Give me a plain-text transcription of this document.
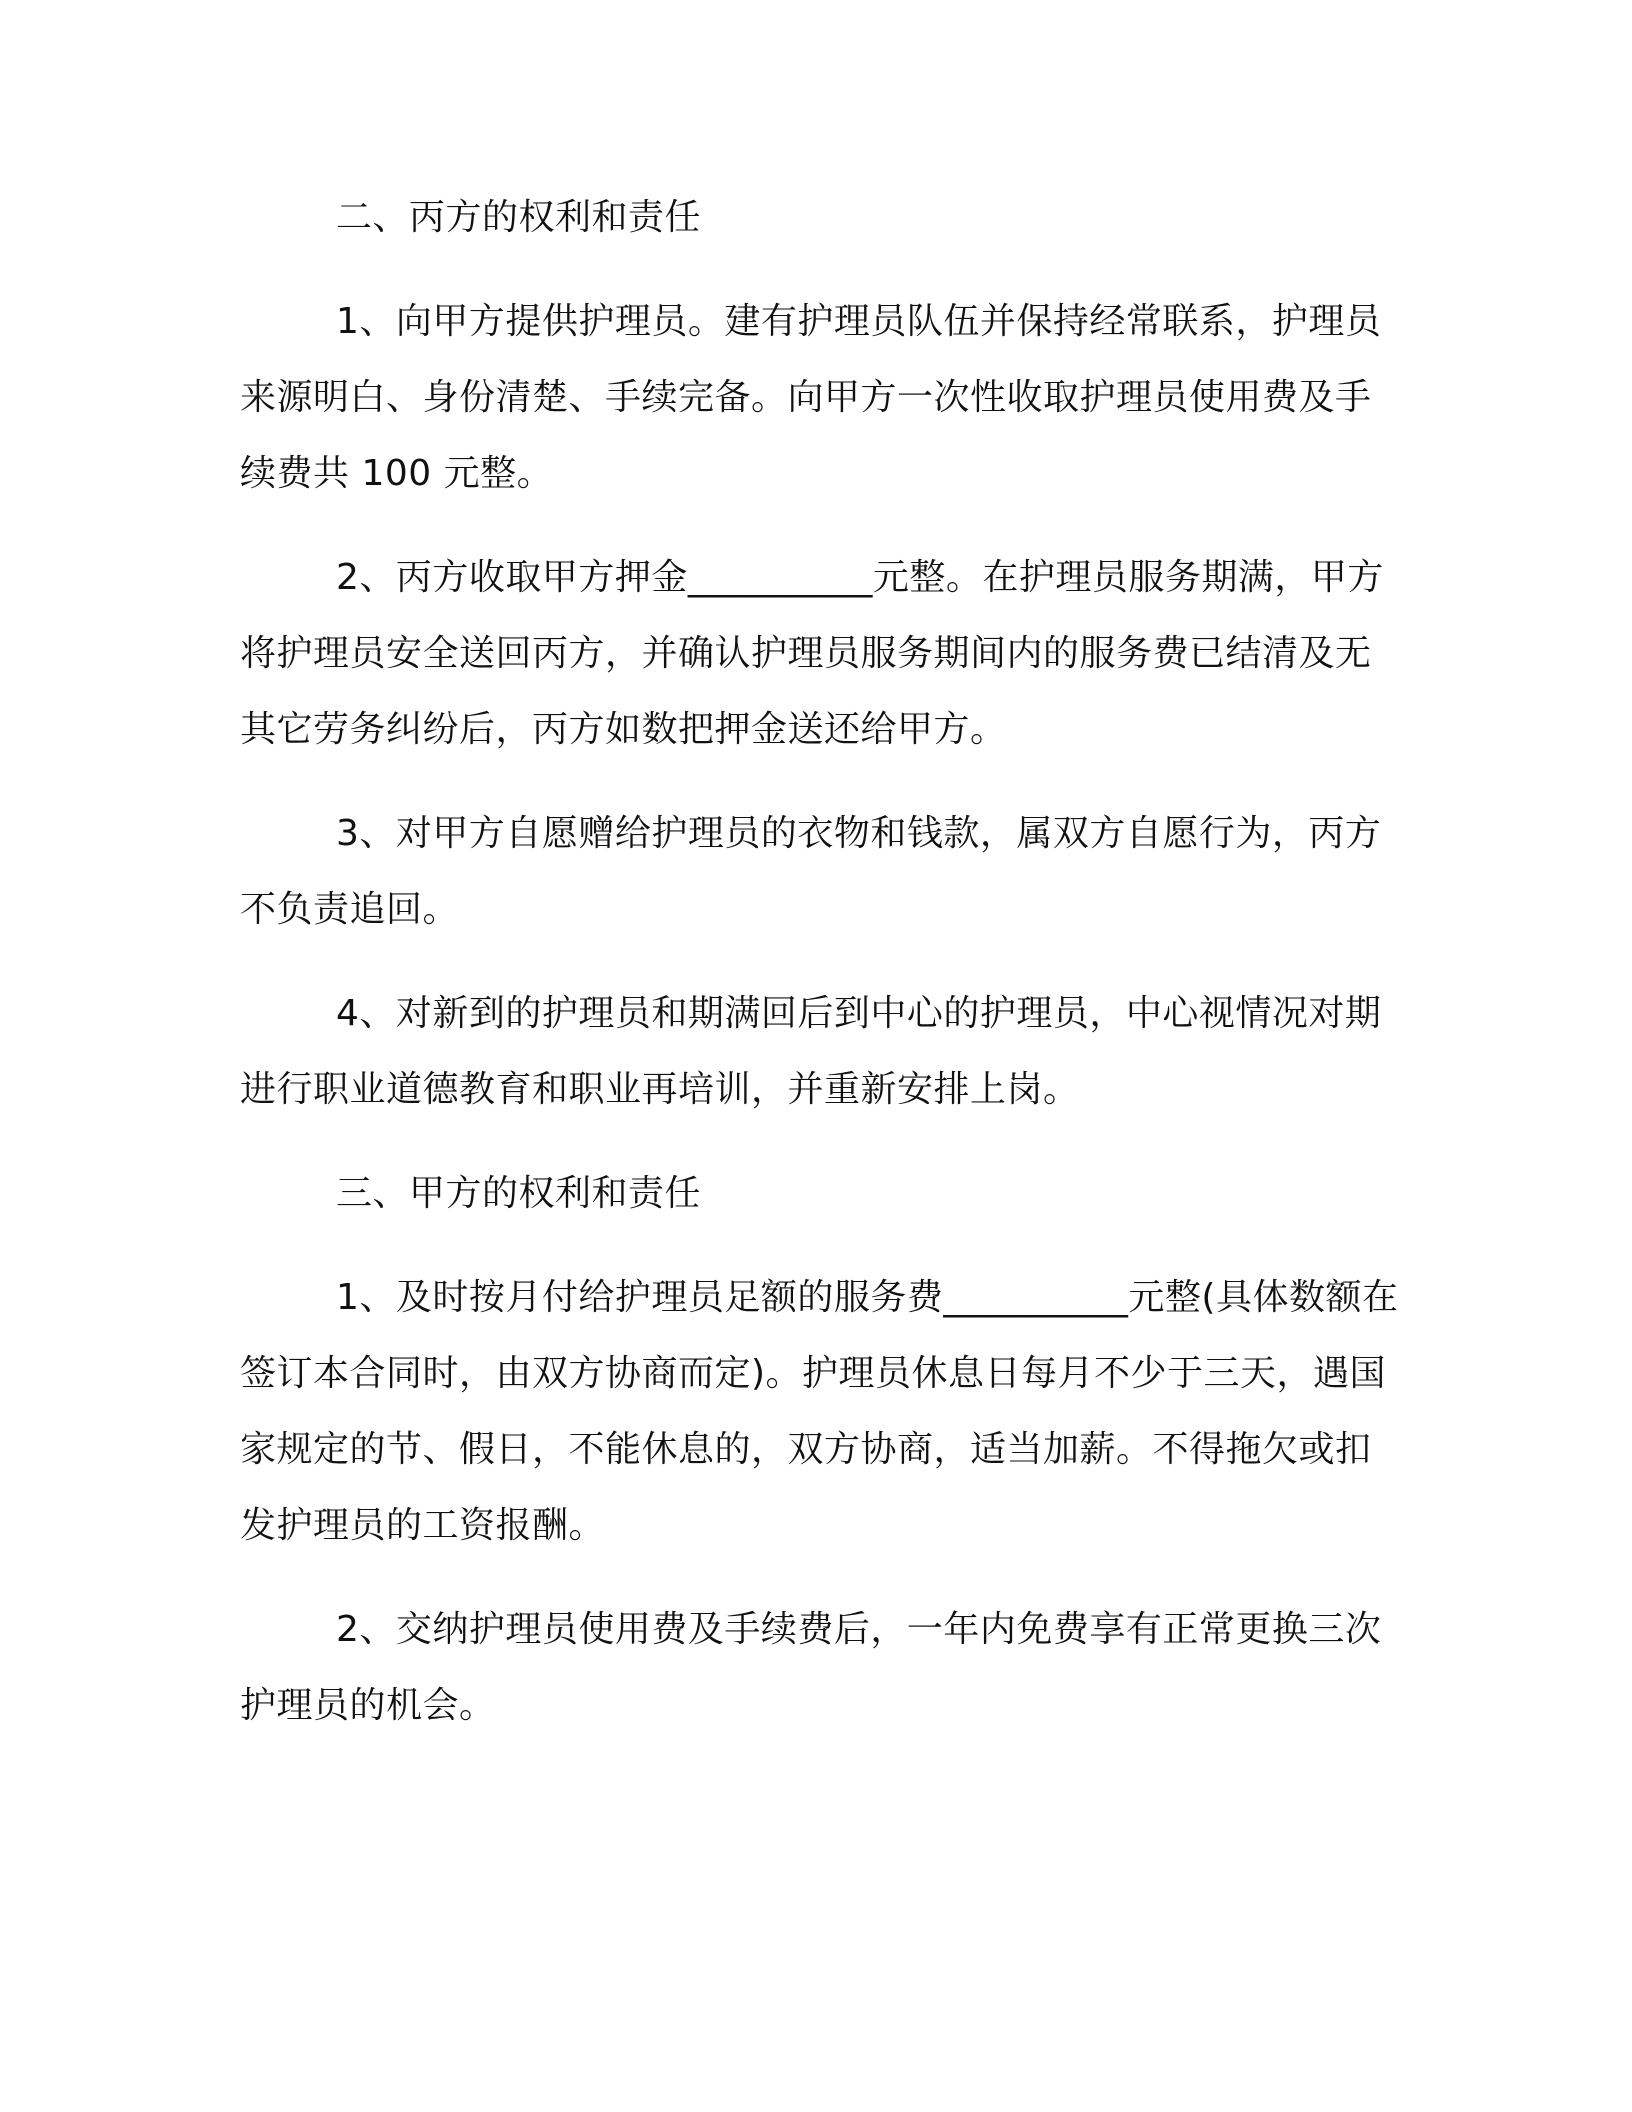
二、丙方的权利和责任

1、向甲方提供护理员。建有护理员队伍并保持经常联系，护理员来源明白、身份清楚、手续完备。向甲方一次性收取护理员使用费及手续费共 100 元整。

2、丙方收取甲方押金__________元整。在护理员服务期满，甲方将护理员安全送回丙方，并确认护理员服务期间内的服务费已结清及无其它劳务纠纷后，丙方如数把押金送还给甲方。

3、对甲方自愿赠给护理员的衣物和钱款，属双方自愿行为，丙方不负责追回。

4、对新到的护理员和期满回后到中心的护理员，中心视情况对期进行职业道德教育和职业再培训，并重新安排上岗。

三、甲方的权利和责任

1、及时按月付给护理员足额的服务费__________元整(具体数额在签订本合同时，由双方协商而定)。护理员休息日每月不少于三天，遇国家规定的节、假日，不能休息的，双方协商，适当加薪。不得拖欠或扣发护理员的工资报酬。

2、交纳护理员使用费及手续费后，一年内免费享有正常更换三次护理员的机会。
